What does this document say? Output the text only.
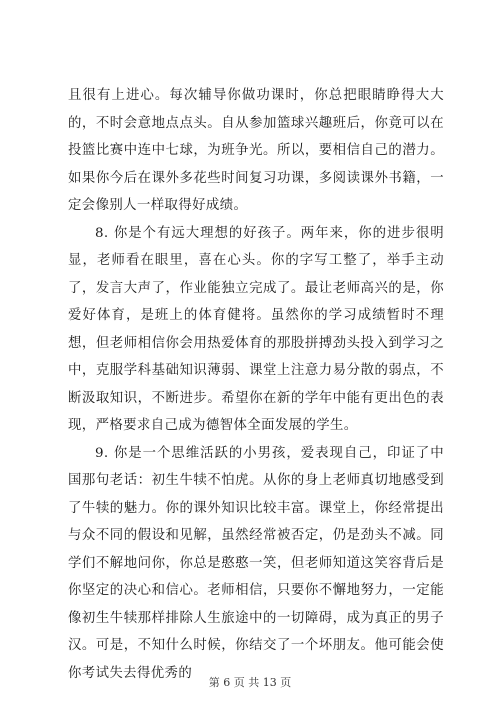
且很有上进心。每次辅导你做功课时，你总把眼睛睁得大大的，不时会意地点点头。自从参加篮球兴趣班后，你竟可以在投篮比赛中连中七球，为班争光。所以，要相信自己的潜力。如果你今后在课外多花些时间复习功课，多阅读课外书籍，一定会像别人一样取得好成绩。

8. 你是个有远大理想的好孩子。两年来，你的进步很明显，老师看在眼里，喜在心头。你的字写工整了，举手主动了，发言大声了，作业能独立完成了。最让老师高兴的是，你爱好体育，是班上的体育健将。虽然你的学习成绩暂时不理想，但老师相信你会用热爱体育的那股拼搏劲头投入到学习之中，克服学科基础知识薄弱、课堂上注意力易分散的弱点，不断汲取知识，不断进步。希望你在新的学年中能有更出色的表现，严格要求自己成为德智体全面发展的学生。

9. 你是一个思维活跃的小男孩，爱表现自己，印证了中国那句老话：初生牛犊不怕虎。从你的身上老师真切地感受到了牛犊的魅力。你的课外知识比较丰富。课堂上，你经常提出与众不同的假设和见解，虽然经常被否定，仍是劲头不减。同学们不解地问你，你总是憨憨一笑，但老师知道这笑容背后是你坚定的决心和信心。老师相信，只要你不懈地努力，一定能像初生牛犊那样排除人生旅途中的一切障碍，成为真正的男子汉。可是，不知什么时候，你结交了一个坏朋友。他可能会使你考试失去得优秀的

第 6 页 共 13 页
